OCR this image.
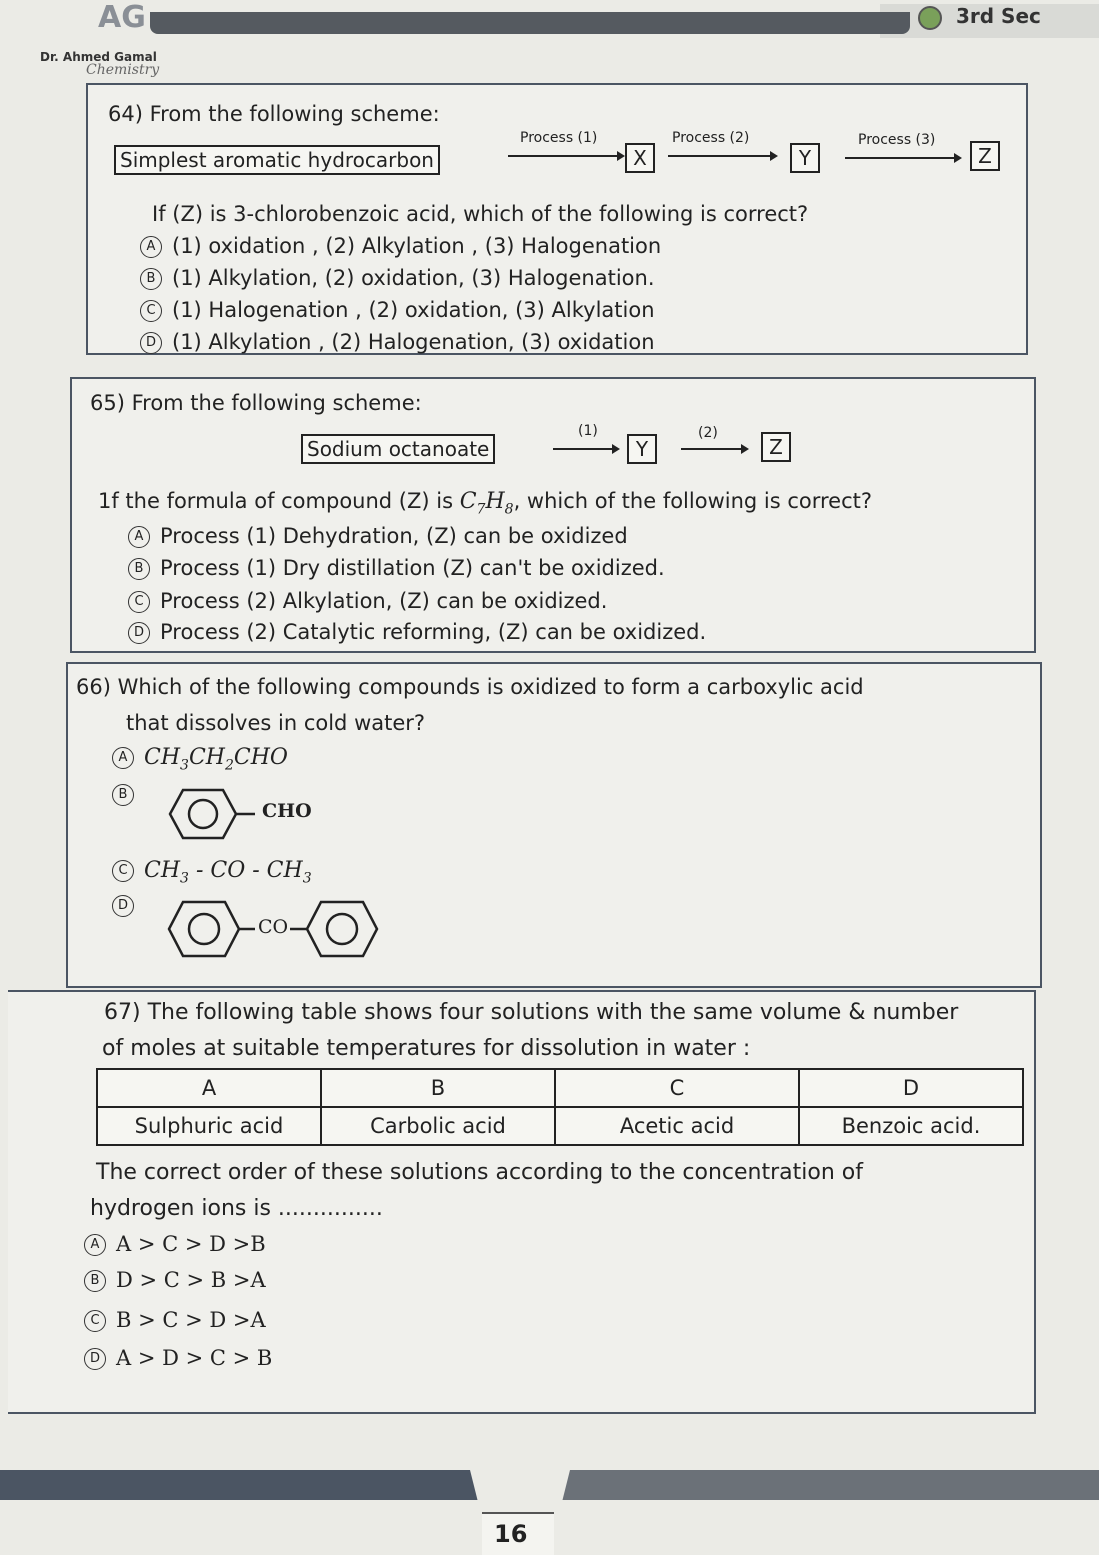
AG	3rd Sec
Dr. Ahmed Gamal
Chemistry
64) From the following scheme:
Simplest aromatic hydrocarbon
Process (1)
X
Process (2)
Y
Process (3)
Z
If (Z) is 3-chlorobenzoic acid, which of the following is correct?
A (1) oxidation , (2) Alkylation , (3) Halogenation
B (1) Alkylation, (2) oxidation, (3) Halogenation.
C (1) Halogenation , (2) oxidation, (3) Alkylation
D (1) Alkylation , (2) Halogenation, (3) oxidation
65) From the following scheme:
Sodium octanoate
(1)
Y
(2)
Z
1f the formula of compound (Z) is $C_7H_8$, which of the following is correct?
A Process (1) Dehydration, (Z) can be oxidized
B Process (1) Dry distillation (Z) can't be oxidized.
C Process (2) Alkylation, (Z) can be oxidized.
D Process (2) Catalytic reforming, (Z) can be oxidized.
66) Which of the following compounds is oxidized to form a carboxylic acid
that dissolves in cold water?
A $CH_3CH_2CHO$
B
CHO
C $CH_3$ - CO - $CH_3$
D
CO
67) The following table shows four solutions with the same volume & number
of moles at suitable temperatures for dissolution in water :
A	B	C	D
Sulphuric acid	Carbolic acid	Acetic acid	Benzoic acid.
The correct order of these solutions according to the concentration of
hydrogen ions is ...............
A A > C > D >B
B D > C > B >A
C B > C > D >A
D A > D > C > B
16
